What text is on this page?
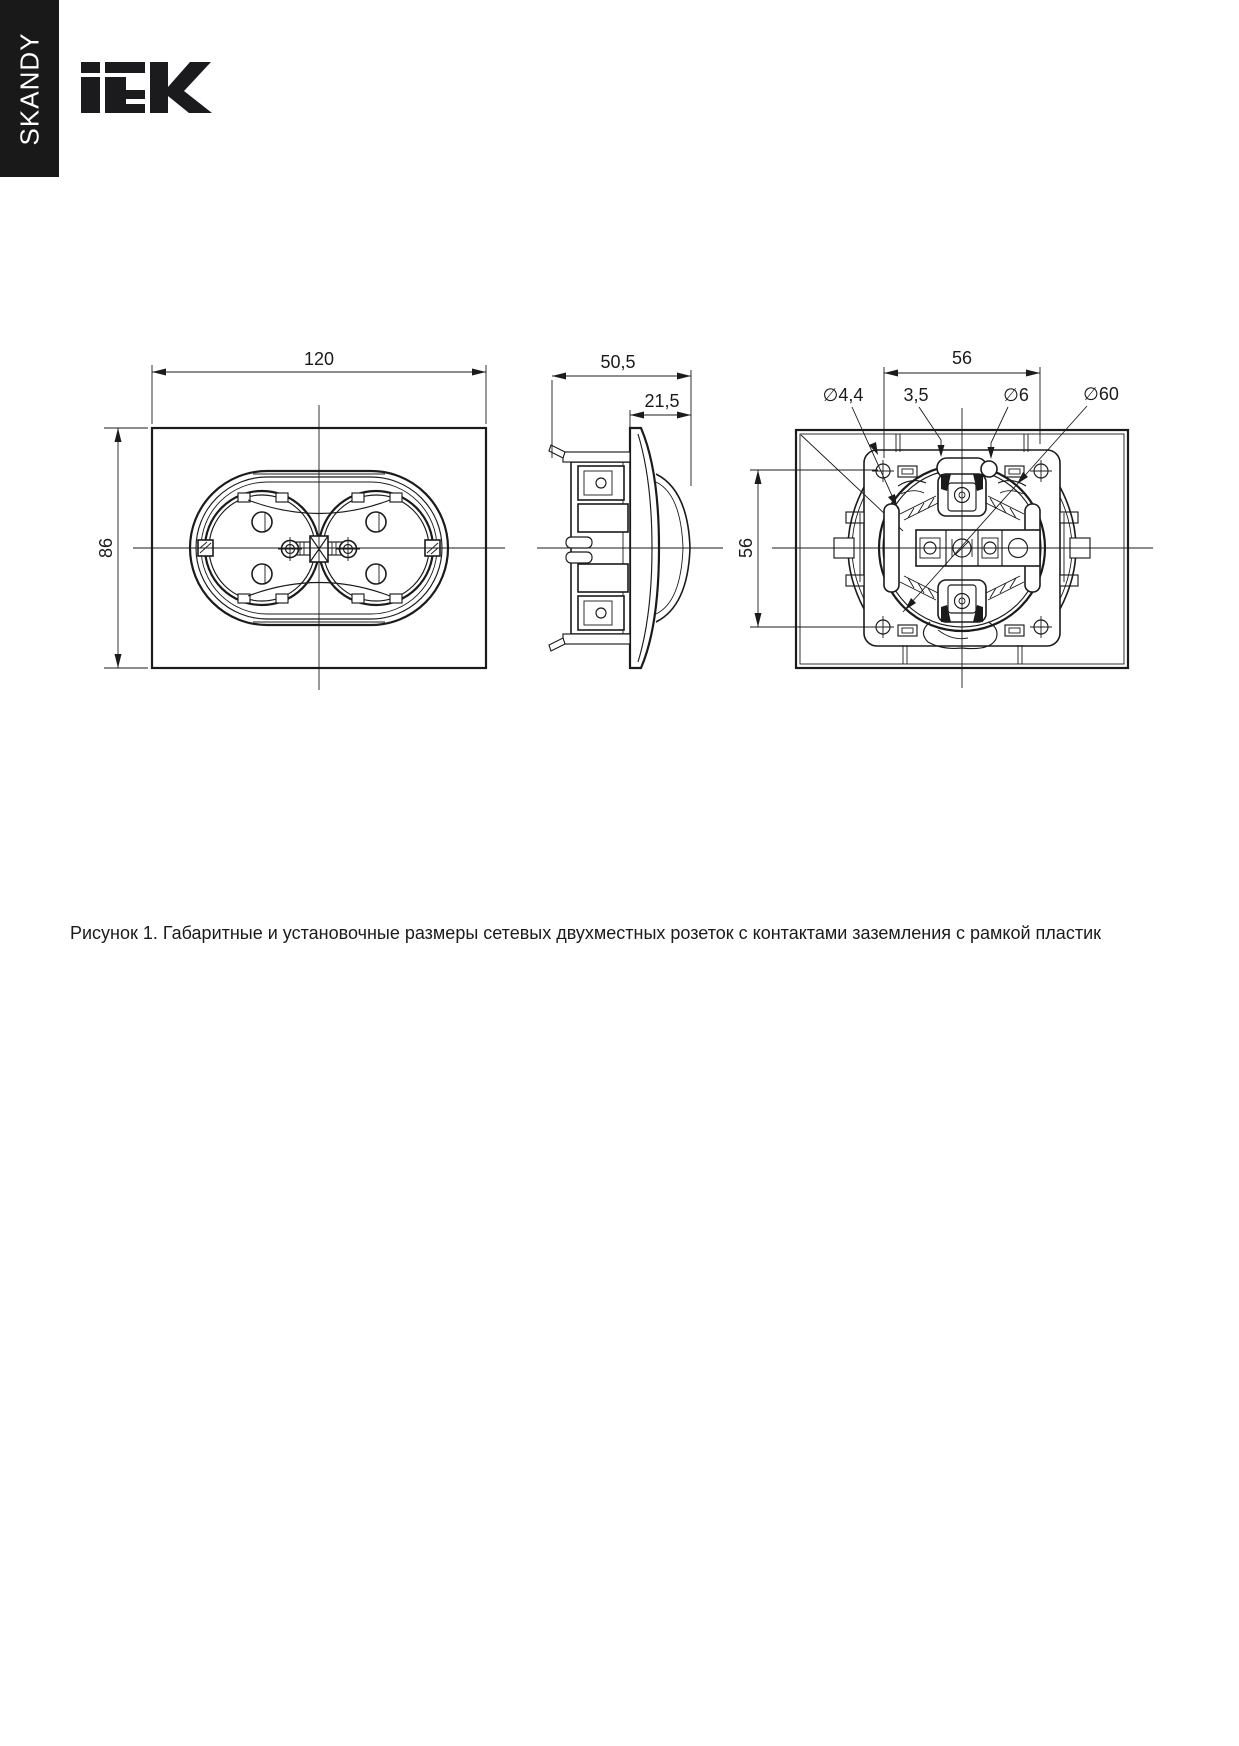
SKANDY
120
86
50,5
21,5
56
56
∅4,4 3,5	∅6	∅60
Рисунок 1. Габаритные и установочные размеры сетевых двухместных розеток с контактами заземления с рамкой пластик
